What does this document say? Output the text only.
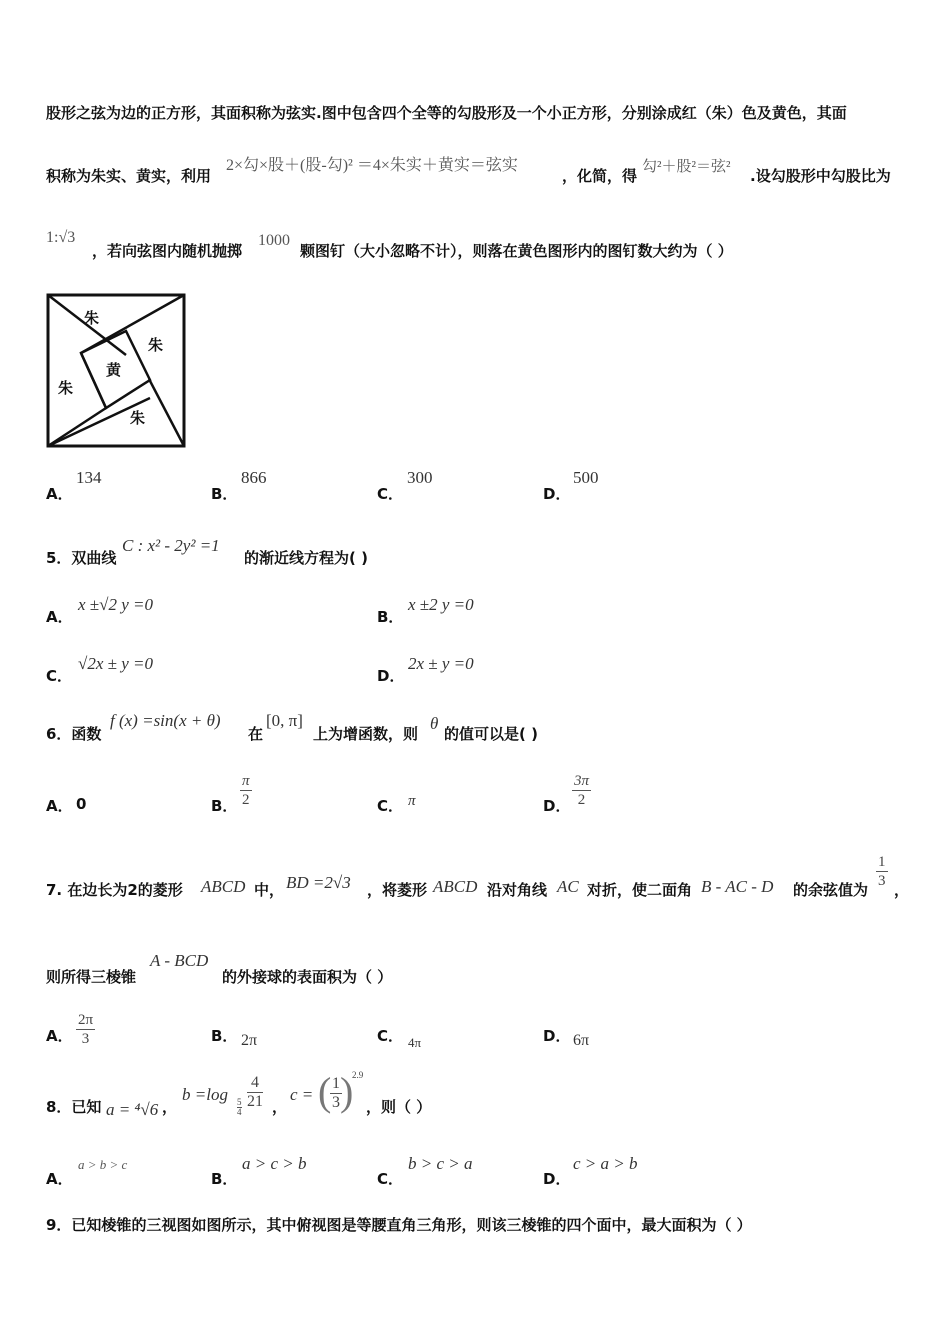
股形之弦为边的正方形，其面积称为弦实.图中包含四个全等的勾股形及一个小正方形，分别涂成红（朱）色及黄色，其面
积称为朱实、黄实，利用
2×勾×股＋(股-勾)² ＝4×朱实＋黄实＝弦实
，化简，得 勾²＋股²＝弦² .设勾股形中勾股比为
1:√3
，若向弦图内随机抛掷
1000
颗图钉（大小忽略不计），则落在黄色图形内的图钉数大约为（ ）
朱
朱
黄
朱
朱
A．
134
B．
866
C．
300
D．
500
5．双曲线
C : x² - 2y² =1
的渐近线方程为( )
A．
x ±√2 y =0
B．
x ±2 y =0
C．
√2x ± y =0
D．
2x ± y =0
6．函数
f (x) =sin(x + θ)
在
[0, π]
上为增函数，则
θ
的值可以是( )
A． 0	B． $\frac{\pi}{2}$	C． π	D． $\frac{3\pi}{2}$
7. 在边长为2的菱形 ABCD 中， BD =2√3 ，将菱形 ABCD 沿对角线 AC 对折，使二面角 B - AC - D 的余弦值为 $\frac{1}{3}$ ，
则所得三棱锥
A - BCD
的外接球的表面积为（ ）
A． $\frac{2\pi}{3}$	B． 2π	C． 4π	D． 6π
8．已知 a = ⁴√6 ，
b =log
$\frac{5}{4} \frac{4}{21}$ ，
c = (
$\frac{1}{3}$
)
2.9
，则（ ）
A．
a > b > c
B．
a > c > b
C．
b > c > a
D．
c > a > b
9．已知棱锥的三视图如图所示，其中俯视图是等腰直角三角形，则该三棱锥的四个面中，最大面积为（ ）
